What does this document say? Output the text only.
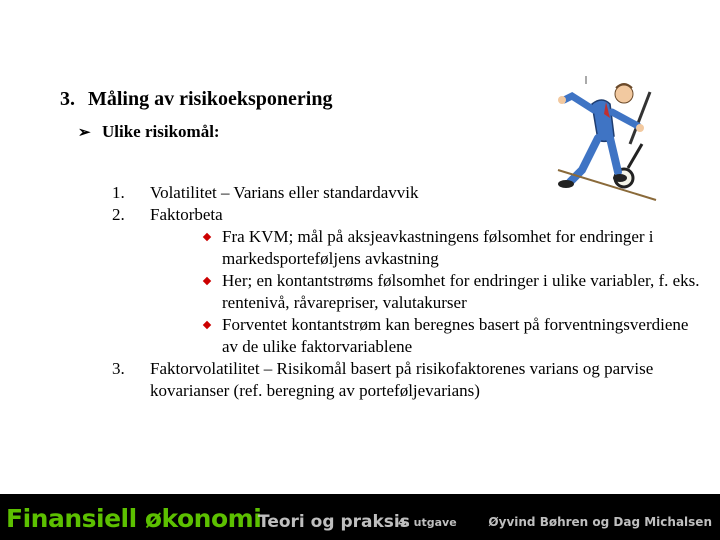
3. Måling av risikoeksponering
➢ Ulike risikomål:
1.	Volatilitet – Varians eller standardavvik
2.	Faktorbeta
Fra KVM; mål på aksjeavkastningens følsomhet for endringer i markedsporteføljens avkastning
Her; en kontantstrøms følsomhet for endringer i ulike variabler, f. eks. rentenivå, råvarepriser, valutakurser
Forventet kontantstrøm kan beregnes basert på forventningsverdiene av de ulike faktorvariablene
3.	Faktorvolatilitet – Risikomål basert på risikofaktorenes varians og parvise kovarianser (ref. beregning av porteføljevarians)
Finansiell økonomi
Teori og praksis
4. utgave	Øyvind Bøhren og Dag Michalsen
